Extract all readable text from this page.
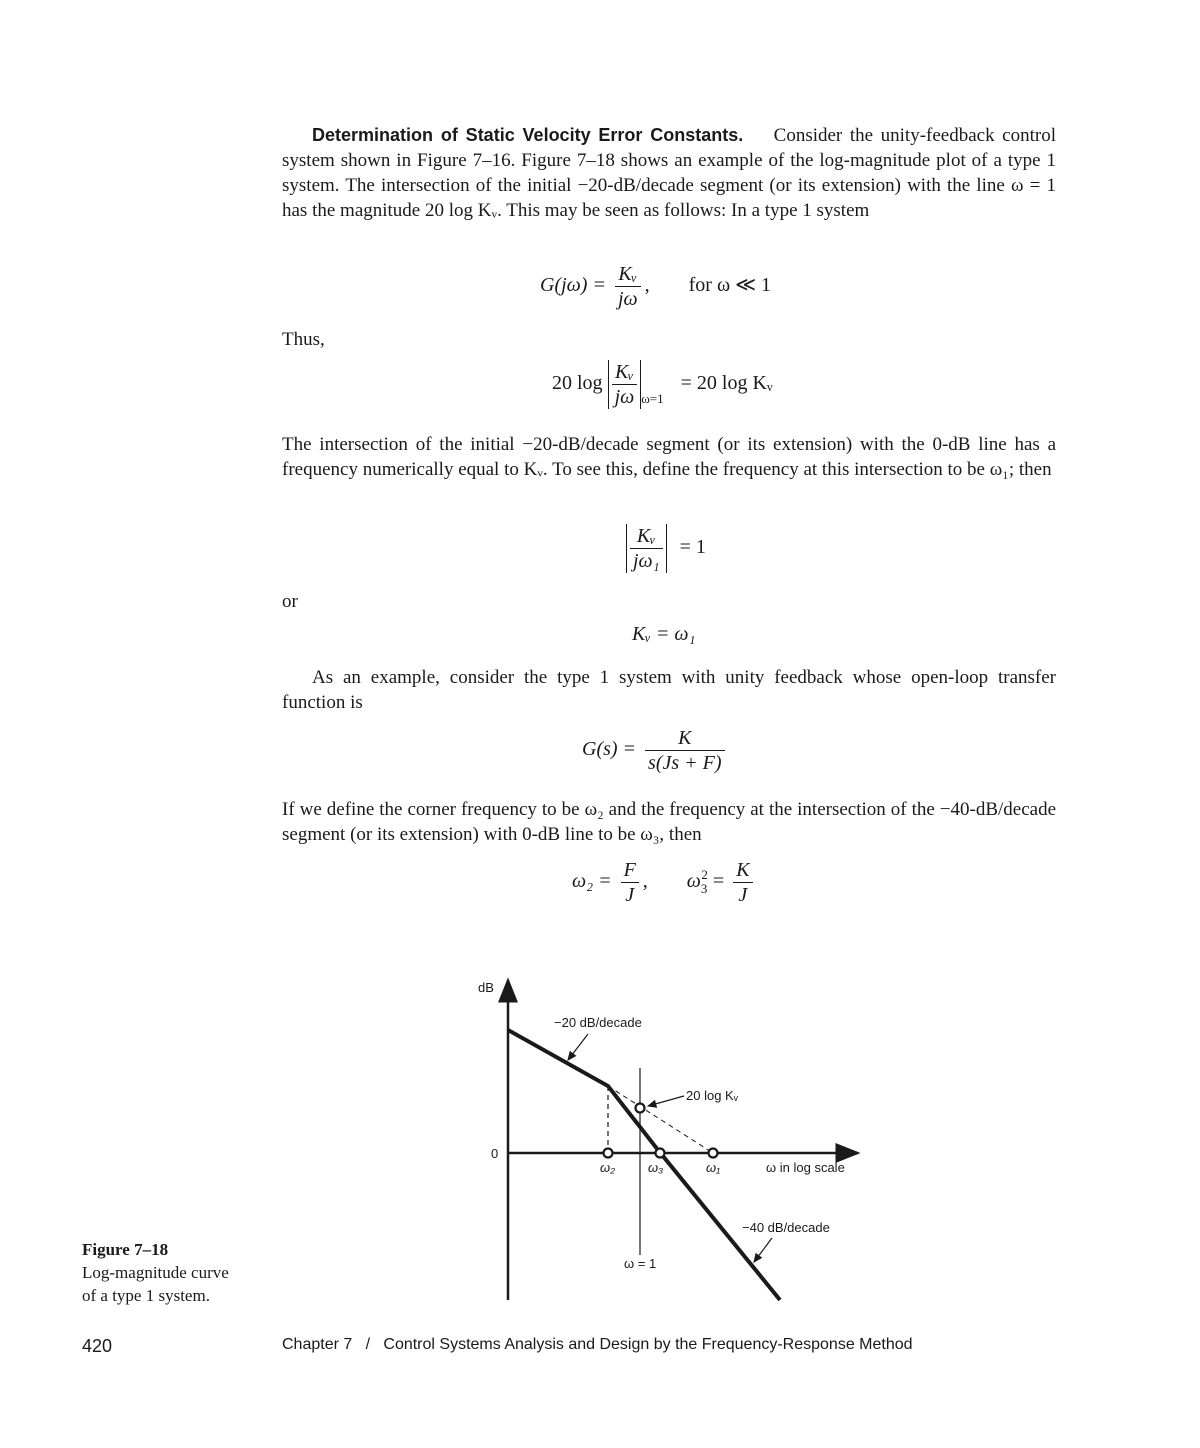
Determination of Static Velocity Error Constants. Consider the unity-feedback control system shown in Figure 7–16. Figure 7–18 shows an example of the log-magnitude plot of a type 1 system. The intersection of the initial −20-dB/decade segment (or its extension) with the line ω = 1 has the magnitude 20 log Kᵥ. This may be seen as follows: In a type 1 system

$G(j\omega) = \frac{\text{Kᵥ}}{j\omega}$ , for ω ≪ 1

Thus,

20 $\log \frac{\text{Kᵥ}}{j\omega} _{\omega=1} = 20$ log Kᵥ

The intersection of the initial −20-dB/decade segment (or its extension) with the 0-dB line has a frequency numerically equal to Kᵥ. To see this, define the frequency at this intersection to be ω₁; then

$\frac{\text{Kᵥ}}{\text{jω₁}} = 1$

or

Kᵥ = ω₁

As an example, consider the type 1 system with unity feedback whose open-loop transfer function is

$G(s) = \frac{K}{s(Js + F)}$

If we define the corner frequency to be ω₂ and the frequency at the intersection of the −40-dB/decade segment (or its extension) with 0-dB line to be ω₃, then

$\omega_2 = \frac{F}{J}$ , $\omega_3^2 = \frac{K}{J}$
dB
0
−20 dB/decade
20 log Kᵥ
ω₂	ω₃	ω₁	ω in log scale
−40 dB/decade
ω = 1
Figure 7–18
Log-magnitude curve
of a type 1 system.
420	Chapter 7   /   Control Systems Analysis and Design by the Frequency-Response Method
